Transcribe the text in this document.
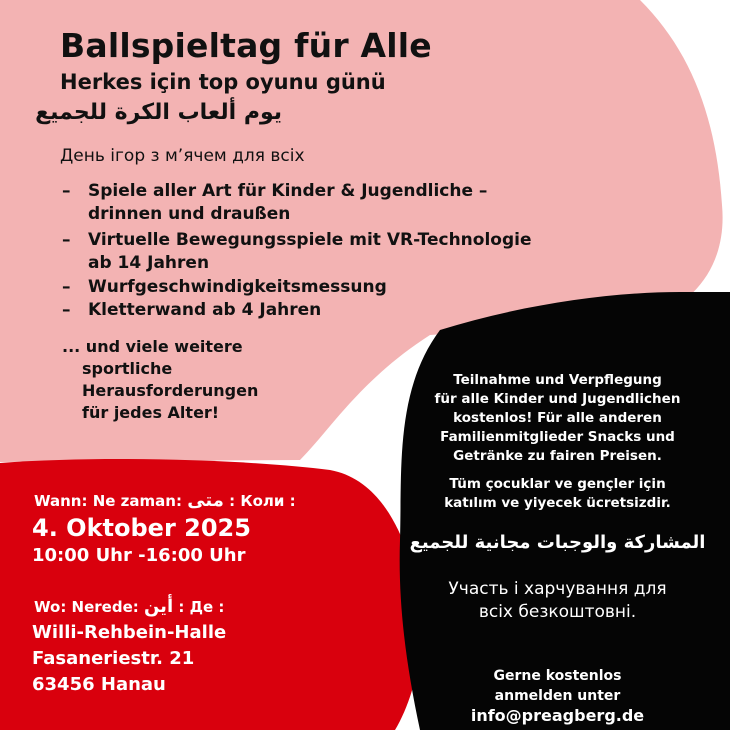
Ballspieltag für Alle
Herkes için top oyunu günü
يوم ألعاب الكرة للجميع
День ігор з м’ячем для всіх
–	Spiele aller Art für Kinder & Jugendliche –
drinnen und draußen
–	Virtuelle Bewegungsspiele mit VR-Technologie
ab 14 Jahren
–	Wurfgeschwindigkeitsmessung
–	Kletterwand ab 4 Jahren
... und viele weitere
sportliche
Herausforderungen
für jedes Alter!
Wann: Ne zaman: متى : Коли :
4. Oktober 2025
10:00 Uhr -16:00 Uhr
Wo: Nerede: أين : Де :
Willi-Rehbein-Halle
Fasaneriestr. 21
63456 Hanau
Teilnahme und Verpflegung
für alle Kinder und Jugendlichen
kostenlos! Für alle anderen
Familienmitglieder Snacks und
Getränke zu fairen Preisen.
Tüm çocuklar ve gençler için
katılım ve yiyecek ücretsizdir.
المشاركة والوجبات مجانية للجميع
Участь і харчування для
всіх безкоштовні.
Gerne kostenlos
anmelden unter
info@preagberg.de
